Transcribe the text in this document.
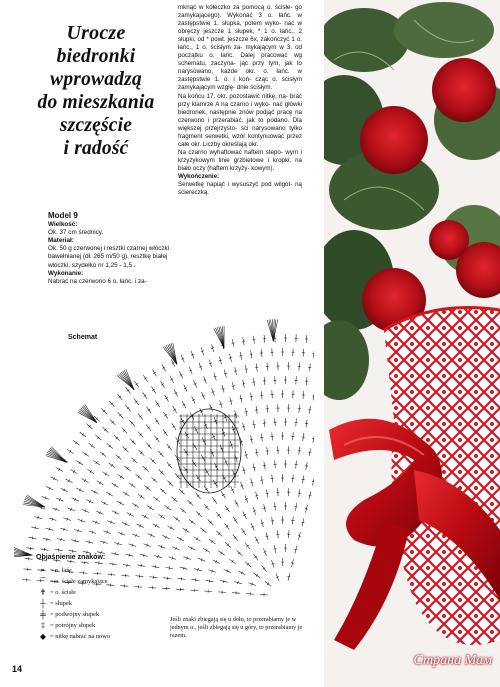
Urocze
biedronki
wprowadzą
do mieszkania
szczęście
i radość
Model 9
Wielkość:
Ok. 37 cm średnicy.
Materiał:
Ok. 50 g czerwonej i resztki czarnej włóczki bawełnianej (dł. 265 m/50 g), resztkę białej włóczki, szydełko nr 1,25 - 1,5 .
Wykonanie:
Nabrać na czerwono 6 o. łańc. i za-

mknąć w kółeczko za pomocą o. ścisłe- go zamykającego). Wykonać 3 o. łańc. w zastępstwie 1. słupka, potem wyko- nać w obręczy jeszcze 1 słupek, * 1 o. łańc., 2 słupki, od * powt. jeszcze 6x, zakończyć 1 o. łańc., 1 o. ścisłym za- mykającym w 3. od początku o. łańc. Dalej pracować wg schematu, zaczyna- jąc przy tym, jak to narysowano, każde okr. o. łańc. w zastępstwie 1. o. i koń- cząc o. ścisłym zamykającym wzglę- dnie ścisłym.

Na końcu 17. okr. pozostawić nitkę, na- brać przy klamrze A na czarno i wyko- nać główki biedronek, następnie znów podjąć pracę na czerwono i przerabiać, jak to podano. Dla większej przejrzysto- ści narysowano tylko fragment serwetki, wzór kontynuować przez całe okr. Liczby określają okr.

Na czarno wyhaftować haftem stepo- wym i krzyżykowym linie grzbietowe i kropki, na biało oczy (haftem krzyży- kowym).

Wykończenie:

Serwetkę napiąć i wysuszyć pod wilgot- ną ściereczką.

Schemat
Objaśnienie znaków:
• = o. łańc.
⌒ = o. ścisłe zamykające
✝ = o. ścisłe
┼ = słupek
╪ = podwójny słupek
‡ = potrójny słupek
◆ = nitkę nabrać na nowo
Jeśli znaki zbiegają się u dołu, to przerabiamy je w jednym o., jeśli zbiegają się u góry, to przerabiamy je razem.
14
Страна Мам
